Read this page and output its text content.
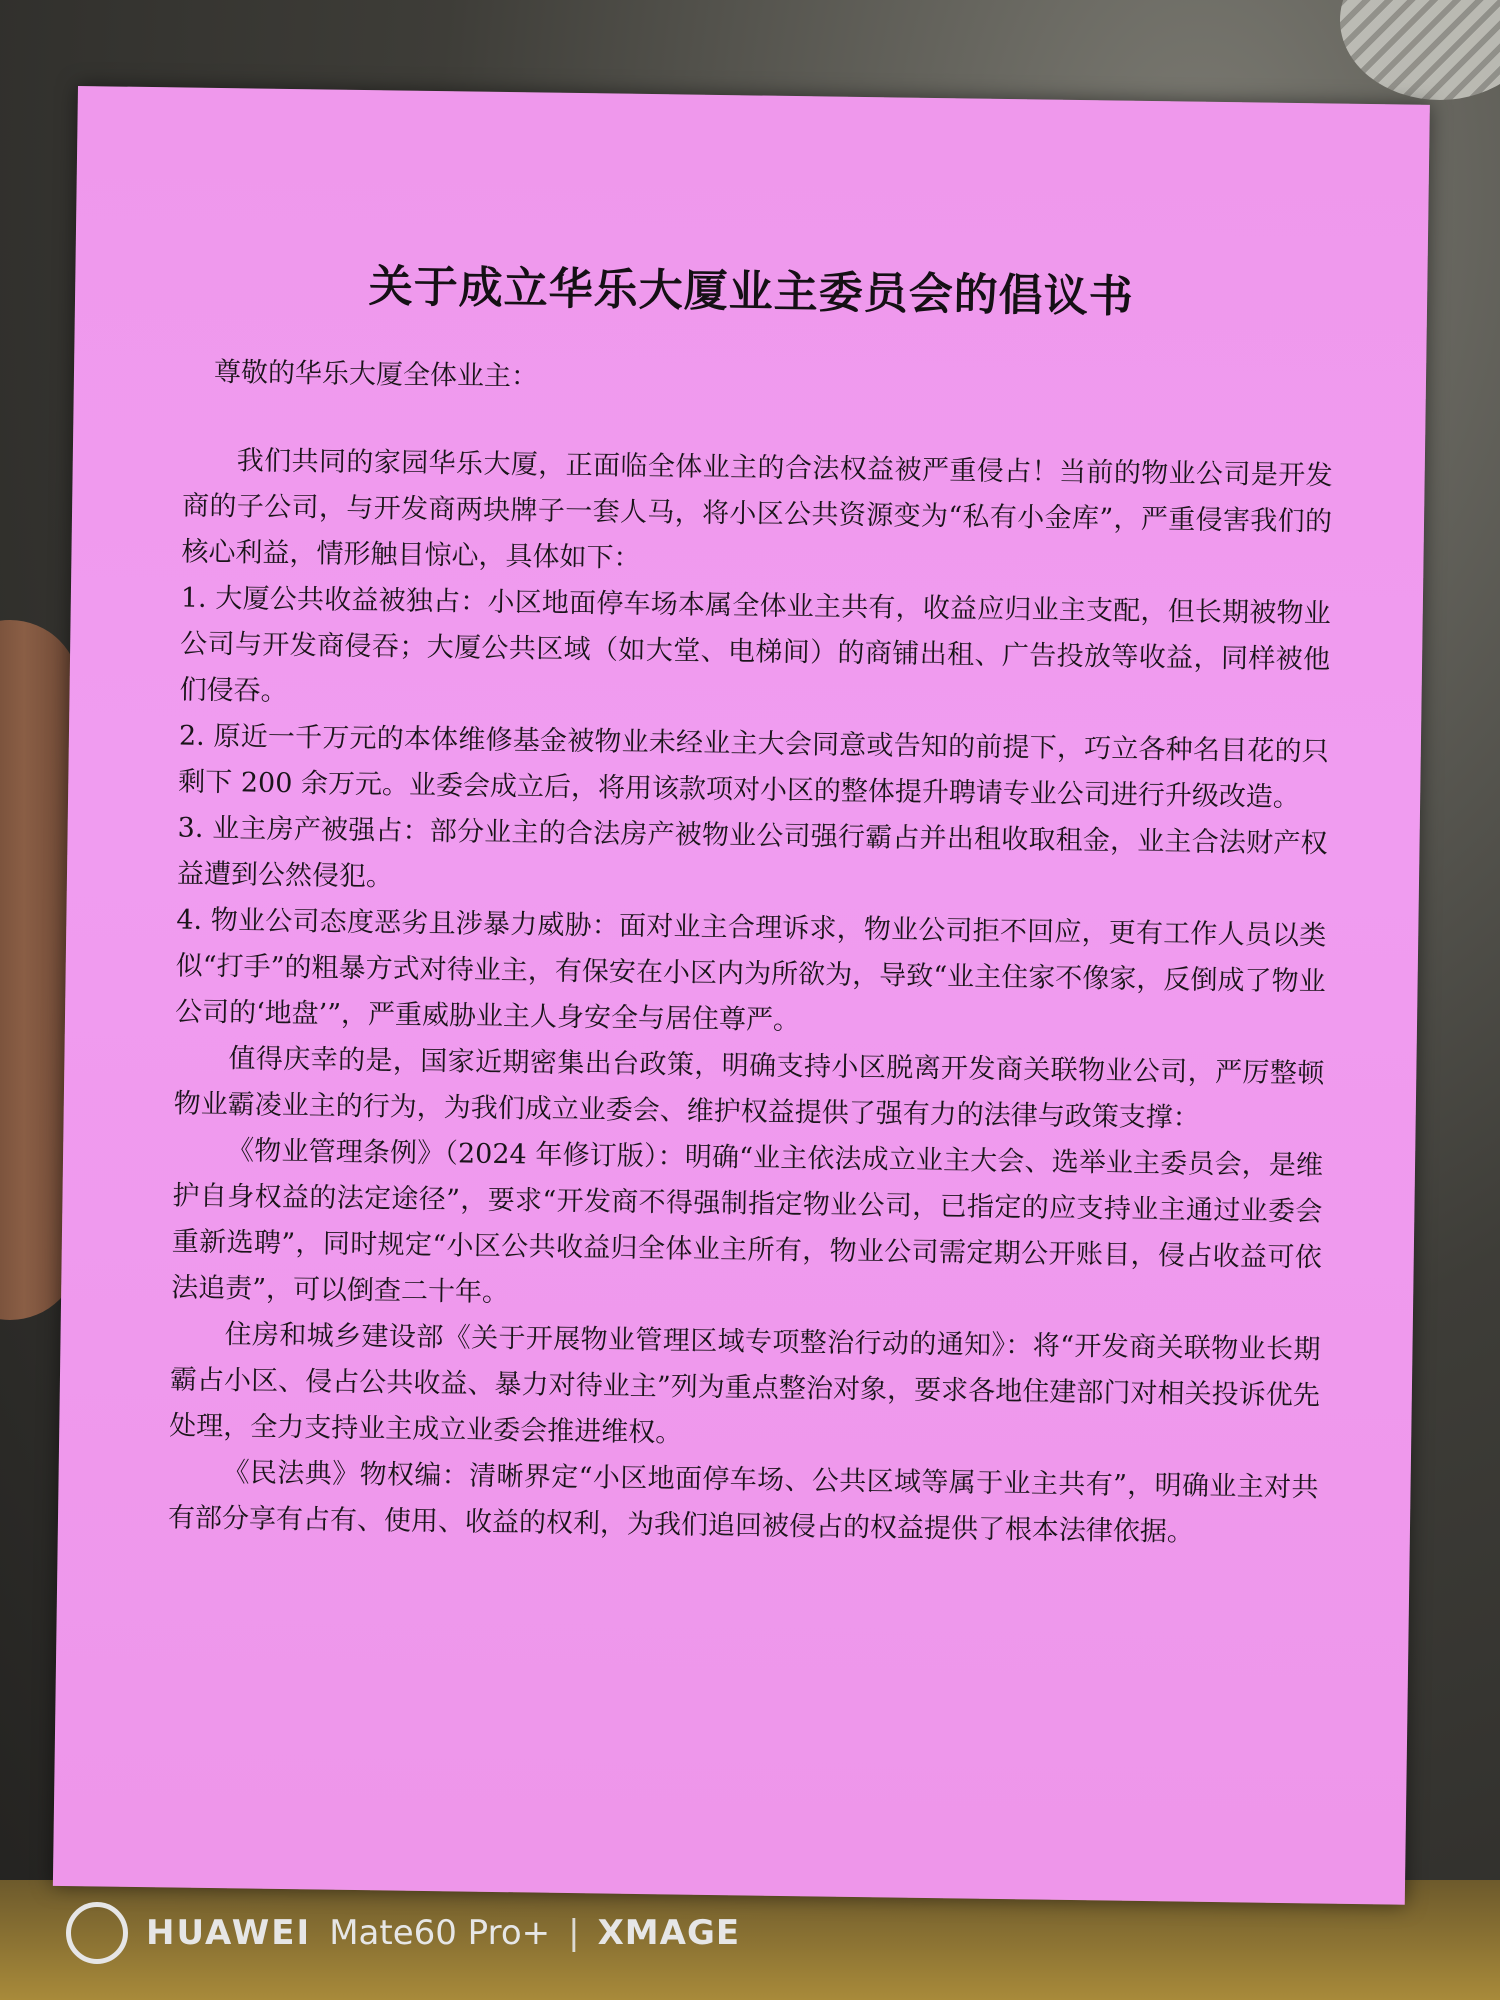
关于成立华乐大厦业主委员会的倡议书
尊敬的华乐大厦全体业主：

我们共同的家园华乐大厦，正面临全体业主的合法权益被严重侵占！当前的物业公司是开发商的子公司，与开发商两块牌子一套人马，将小区公共资源变为“私有小金库”，严重侵害我们的核心利益，情形触目惊心，具体如下：

1. 大厦公共收益被独占：小区地面停车场本属全体业主共有，收益应归业主支配，但长期被物业公司与开发商侵吞；大厦公共区域（如大堂、电梯间）的商铺出租、广告投放等收益，同样被他们侵吞。

2. 原近一千万元的本体维修基金被物业未经业主大会同意或告知的前提下，巧立各种名目花的只剩下 200 余万元。业委会成立后，将用该款项对小区的整体提升聘请专业公司进行升级改造。

3. 业主房产被强占：部分业主的合法房产被物业公司强行霸占并出租收取租金，业主合法财产权益遭到公然侵犯。

4. 物业公司态度恶劣且涉暴力威胁：面对业主合理诉求，物业公司拒不回应，更有工作人员以类似“打手”的粗暴方式对待业主，有保安在小区内为所欲为，导致“业主住家不像家，反倒成了物业公司的‘地盘’”，严重威胁业主人身安全与居住尊严。

值得庆幸的是，国家近期密集出台政策，明确支持小区脱离开发商关联物业公司，严厉整顿物业霸凌业主的行为，为我们成立业委会、维护权益提供了强有力的法律与政策支撑：

《物业管理条例》（2024 年修订版）：明确“业主依法成立业主大会、选举业主委员会，是维护自身权益的法定途径”，要求“开发商不得强制指定物业公司，已指定的应支持业主通过业委会重新选聘”，同时规定“小区公共收益归全体业主所有，物业公司需定期公开账目，侵占收益可依法追责”，可以倒查二十年。

住房和城乡建设部《关于开展物业管理区域专项整治行动的通知》：将“开发商关联物业长期霸占小区、侵占公共收益、暴力对待业主”列为重点整治对象，要求各地住建部门对相关投诉优先处理，全力支持业主成立业委会推进维权。

《民法典》物权编：清晰界定“小区地面停车场、公共区域等属于业主共有”，明确业主对共有部分享有占有、使用、收益的权利，为我们追回被侵占的权益提供了根本法律依据。

HUAWEI Mate60 Pro+ | XMAGE
